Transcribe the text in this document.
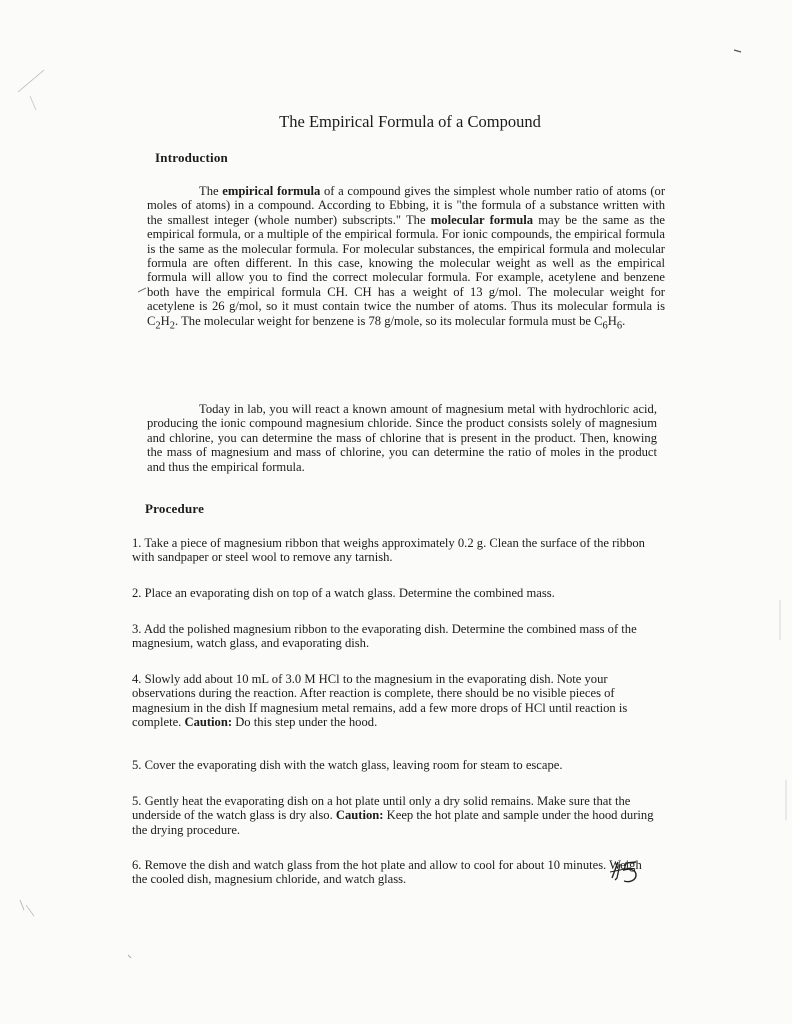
The Empirical Formula of a Compound
Introduction
The empirical formula of a compound gives the simplest whole number ratio of atoms (or moles of atoms) in a compound. According to Ebbing, it is "the formula of a substance written with the smallest integer (whole number) subscripts." The molecular formula may be the same as the empirical formula, or a multiple of the empirical formula. For ionic compounds, the empirical formula is the same as the molecular formula. For molecular substances, the empirical formula and molecular formula are often different. In this case, knowing the molecular weight as well as the empirical formula will allow you to find the correct molecular formula. For example, acetylene and benzene both have the empirical formula CH. CH has a weight of 13 g/mol. The molecular weight for acetylene is 26 g/mol, so it must contain twice the number of atoms. Thus its molecular formula is $C_2H_2$. The molecular weight for benzene is 78 g/mole, so its molecular formula must be $C_6H_6$.
Today in lab, you will react a known amount of magnesium metal with hydrochloric acid, producing the ionic compound magnesium chloride. Since the product consists solely of magnesium and chlorine, you can determine the mass of chlorine that is present in the product. Then, knowing the mass of magnesium and mass of chlorine, you can determine the ratio of moles in the product and thus the empirical formula.
Procedure
1. Take a piece of magnesium ribbon that weighs approximately 0.2 g. Clean the surface of the ribbon with sandpaper or steel wool to remove any tarnish.
2. Place an evaporating dish on top of a watch glass. Determine the combined mass.
3. Add the polished magnesium ribbon to the evaporating dish. Determine the combined mass of the magnesium, watch glass, and evaporating dish.
4. Slowly add about 10 mL of 3.0 M HCl to the magnesium in the evaporating dish. Note your observations during the reaction. After reaction is complete, there should be no visible pieces of magnesium in the dish If magnesium metal remains, add a few more drops of HCl until reaction is complete. Caution: Do this step under the hood.
5. Cover the evaporating dish with the watch glass, leaving room for steam to escape.
5. Gently heat the evaporating dish on a hot plate until only a dry solid remains. Make sure that the underside of the watch glass is dry also. Caution: Keep the hot plate and sample under the hood during the drying procedure.
6. Remove the dish and watch glass from the hot plate and allow to cool for about 10 minutes. Weigh the cooled dish, magnesium chloride, and watch glass.	15
